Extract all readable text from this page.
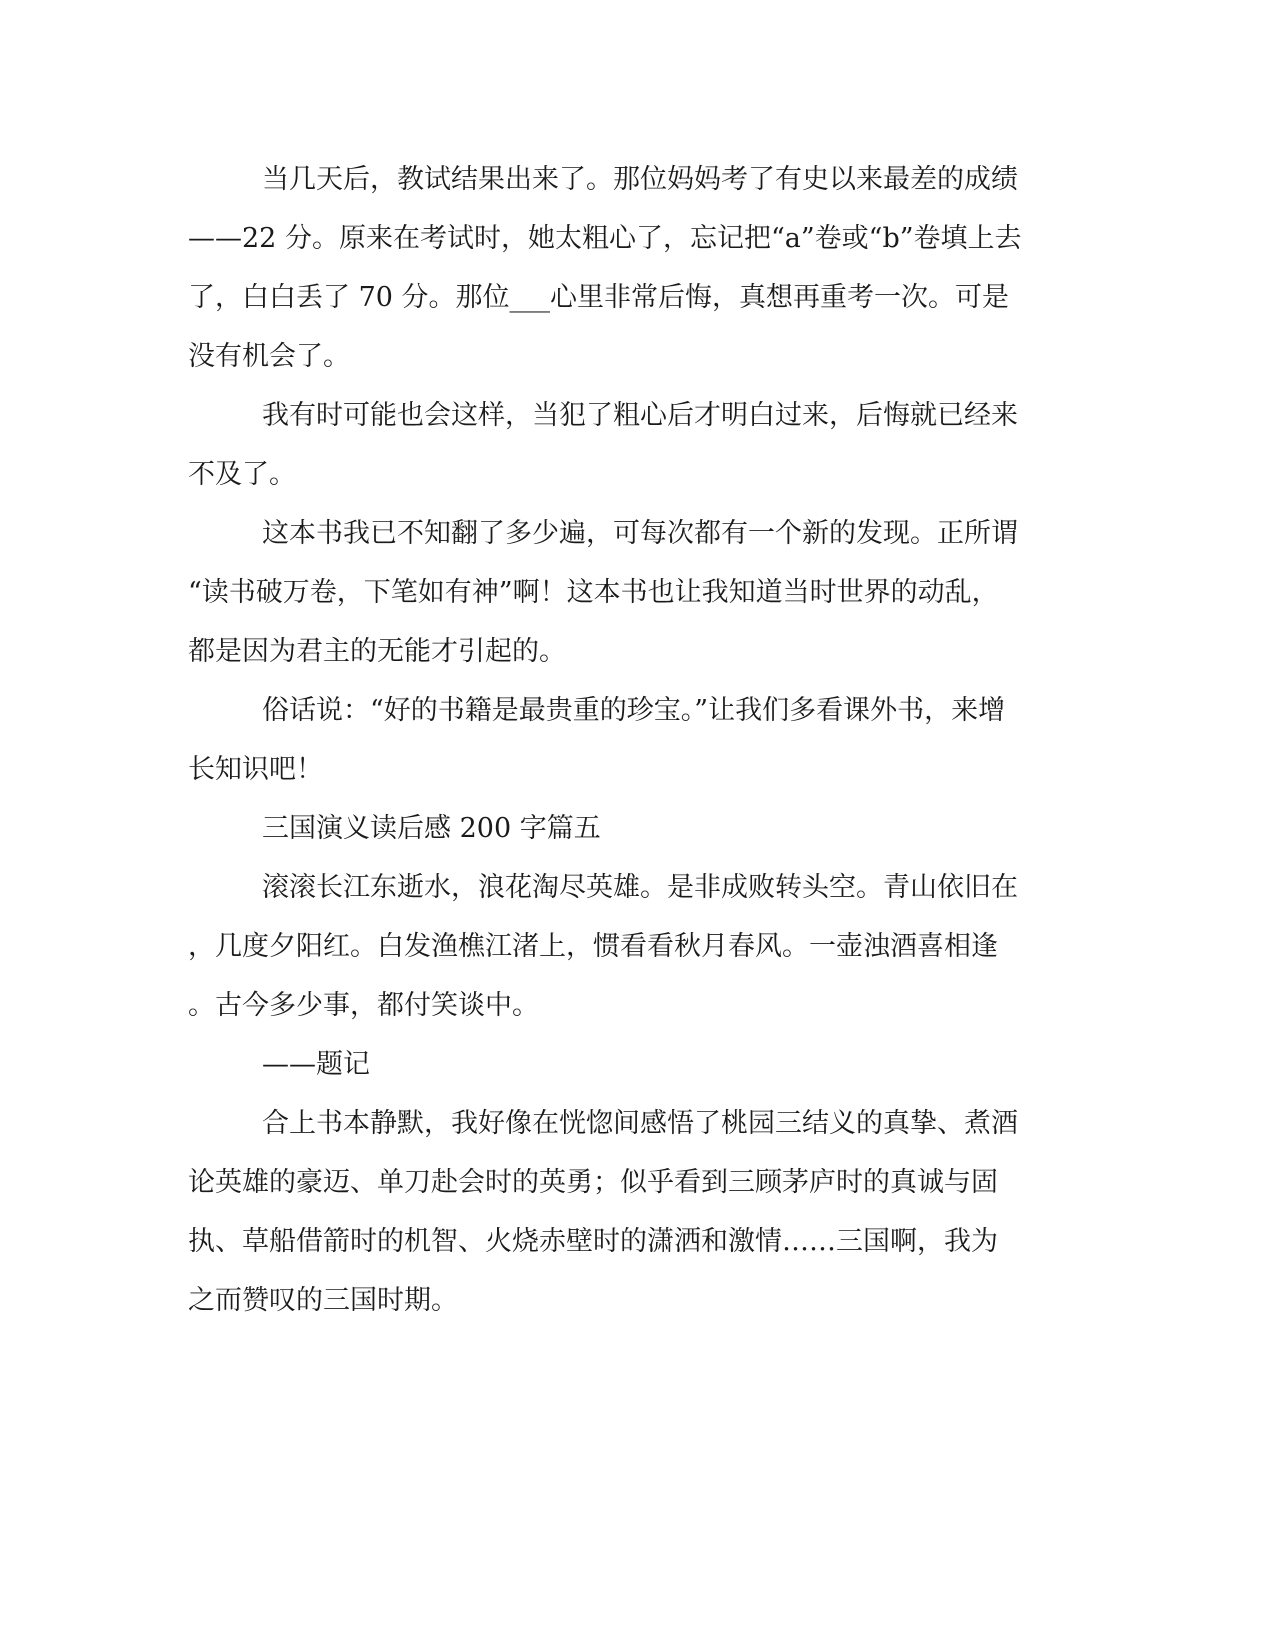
当几天后，教试结果出来了。那位妈妈考了有史以来最差的成绩
——22 分。原来在考试时，她太粗心了，忘记把“a”卷或“b”卷填上去
了，白白丢了 70 分。那位___心里非常后悔，真想再重考一次。可是
没有机会了。
我有时可能也会这样，当犯了粗心后才明白过来，后悔就已经来
不及了。
这本书我已不知翻了多少遍，可每次都有一个新的发现。正所谓
“读书破万卷，下笔如有神”啊！这本书也让我知道当时世界的动乱，
都是因为君主的无能才引起的。
俗话说：“好的书籍是最贵重的珍宝。”让我们多看课外书，来增
长知识吧！
三国演义读后感 200 字篇五
滚滚长江东逝水，浪花淘尽英雄。是非成败转头空。青山依旧在
，几度夕阳红。白发渔樵江渚上，惯看看秋月春风。一壶浊酒喜相逢
。古今多少事，都付笑谈中。
——题记
合上书本静默，我好像在恍惚间感悟了桃园三结义的真挚、煮酒
论英雄的豪迈、单刀赴会时的英勇；似乎看到三顾茅庐时的真诚与固
执、草船借箭时的机智、火烧赤壁时的潇洒和激情……三国啊，我为
之而赞叹的三国时期。
